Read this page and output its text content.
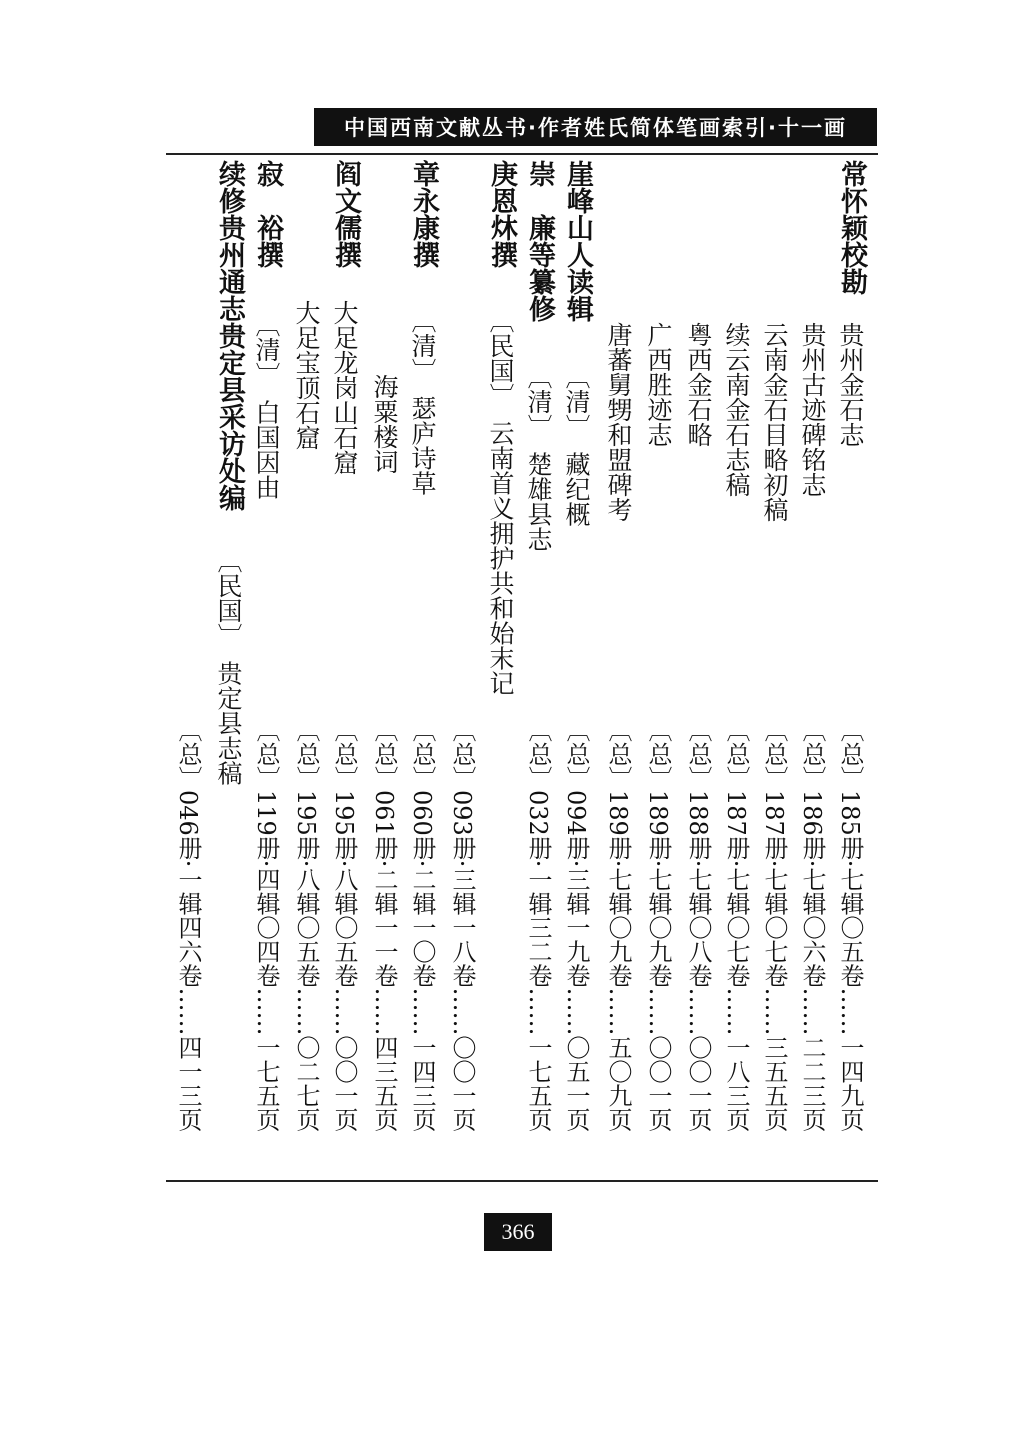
中国西南文献丛书·作者姓氏简体笔画索引·十一画
常怀颖校勘
贵州金石志
贵州古迹碑铭志
云南金石目略初稿
续云南金石志稿
粤西金石略
广西胜迹志
唐蕃舅甥和盟碑考
〔总〕185册·七辑〇五卷……一四九页
〔总〕186册·七辑〇六卷……二二三页
〔总〕187册·七辑〇七卷……三五五页
〔总〕187册·七辑〇七卷……一八三页
〔总〕188册·七辑〇八卷……〇〇一页
〔总〕189册·七辑〇九卷……〇〇一页
〔总〕189册·七辑〇九卷……五〇九页
崖峰山人读辑
〔清〕　藏纪概
〔总〕094册·三辑一九卷……〇五一页
崇　廉等纂修
〔清〕　楚雄县志
〔总〕032册·一辑三二卷……一七五页
庚恩炑撰
〔民国〕　云南首义拥护共和始末记
〔总〕093册·三辑一八卷……〇〇一页
章永康撰
〔清〕　瑟庐诗草
海粟楼词
〔总〕060册·二辑一〇卷……一四三页
〔总〕061册·二辑一一卷……四三五页
阎文儒撰
大足龙岗山石窟
大足宝顶石窟
〔总〕195册·八辑〇五卷……〇〇一页
〔总〕195册·八辑〇五卷……〇二七页
寂　裕撰
〔清〕　白国因由
〔总〕119册·四辑〇四卷……一七五页
续修贵州通志贵定县采访处编
〔民国〕　贵定县志稿
〔总〕046册·一辑四六卷……四一三页
366
